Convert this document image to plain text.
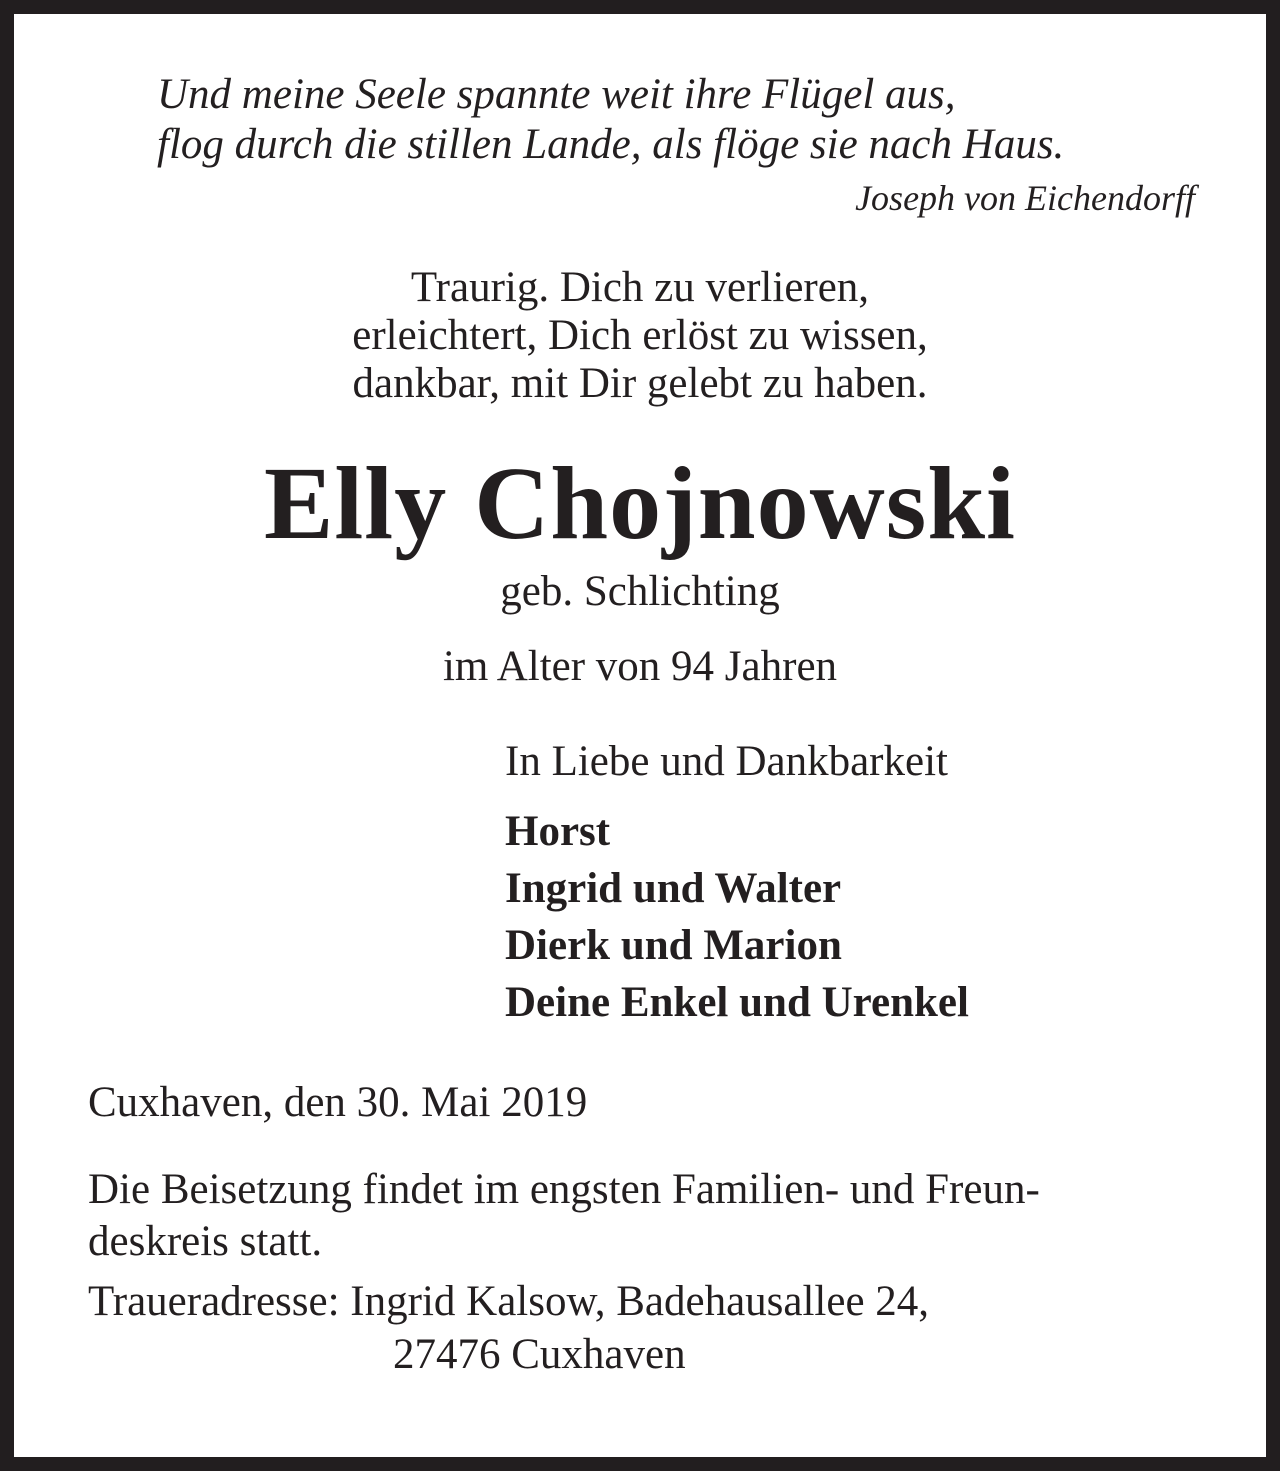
Und meine Seele spannte weit ihre Flügel aus,
flog durch die stillen Lande, als flöge sie nach Haus.
Joseph von Eichendorff
Traurig. Dich zu verlieren,
erleichtert, Dich erlöst zu wissen,
dankbar, mit Dir gelebt zu haben.
Elly Chojnowski
geb. Schlichting
im Alter von 94 Jahren
In Liebe und Dankbarkeit
Horst
Ingrid und Walter
Dierk und Marion
Deine Enkel und Urenkel
Cuxhaven, den 30. Mai 2019
Die Beisetzung findet im engsten Familien- und Freun-
deskreis statt.
Traueradresse: Ingrid Kalsow, Badehausallee 24,
27476 Cuxhaven
